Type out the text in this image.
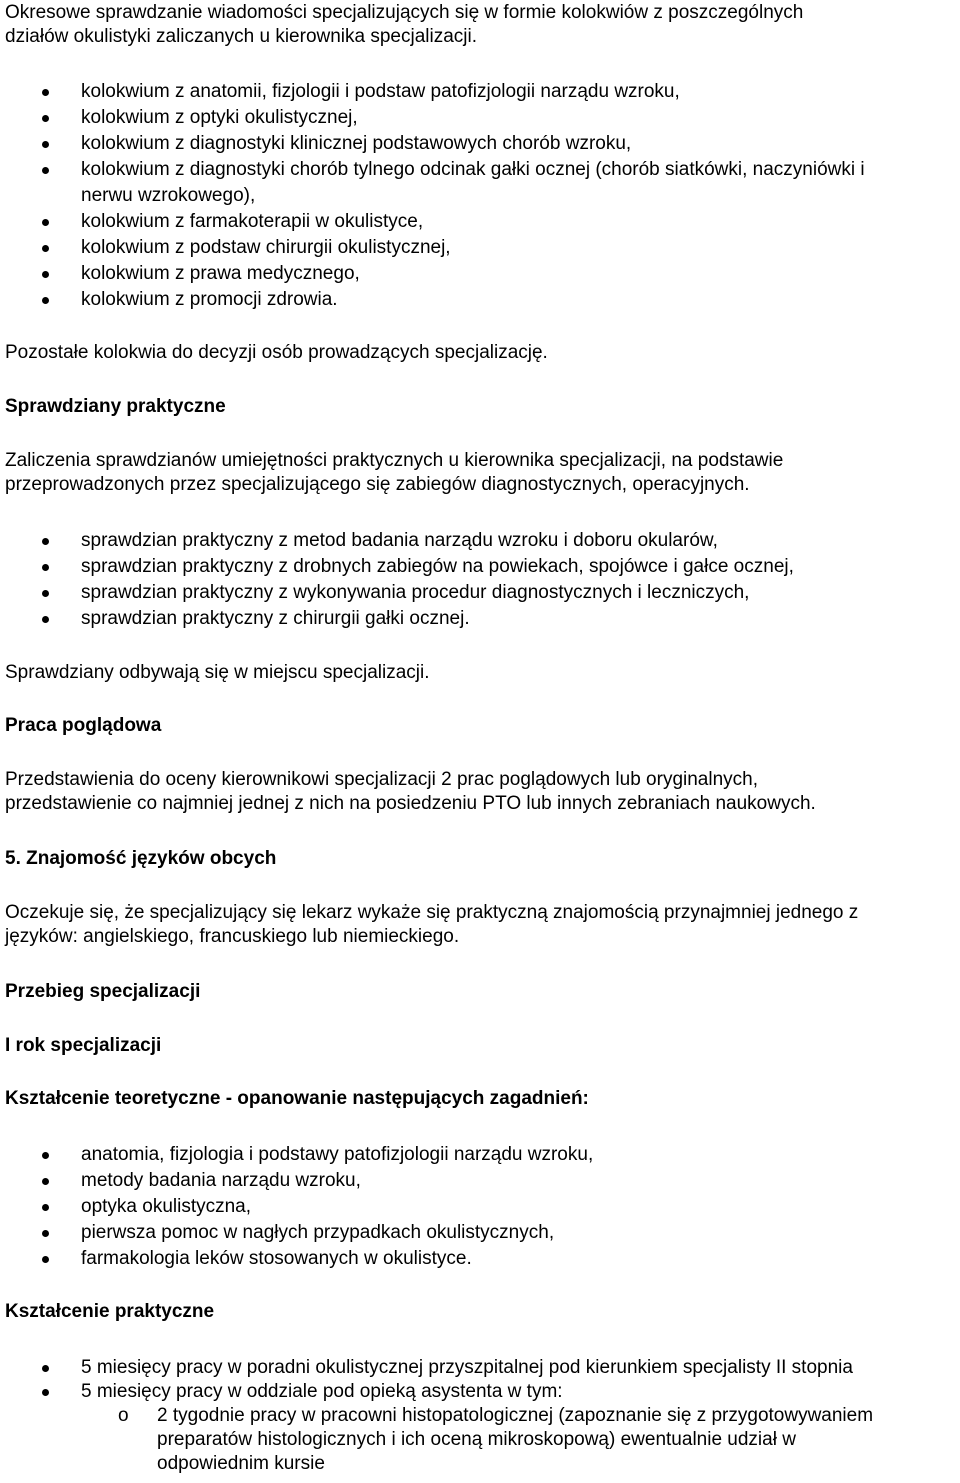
Okresowe sprawdzanie wiadomości specjalizujących się w formie kolokwiów z poszczególnych

działów okulistyki zaliczanych u kierownika specjalizacji.

kolokwium z anatomii, fizjologii i podstaw patofizjologii narządu wzroku,
kolokwium z optyki okulistycznej,
kolokwium z diagnostyki klinicznej podstawowych chorób wzroku,
kolokwium z diagnostyki chorób tylnego odcinak gałki ocznej (chorób siatkówki, naczyniówki i
nerwu wzrokowego),
kolokwium z farmakoterapii w okulistyce,
kolokwium z podstaw chirurgii okulistycznej,
kolokwium z prawa medycznego,
kolokwium z promocji zdrowia.

Pozostałe kolokwia do decyzji osób prowadzących specjalizację.

Sprawdziany praktyczne

Zaliczenia sprawdzianów umiejętności praktycznych u kierownika specjalizacji, na podstawie

przeprowadzonych przez specjalizującego się zabiegów diagnostycznych, operacyjnych.

sprawdzian praktyczny z metod badania narządu wzroku i doboru okularów,
sprawdzian praktyczny z drobnych zabiegów na powiekach, spojówce i gałce ocznej,
sprawdzian praktyczny z wykonywania procedur diagnostycznych i leczniczych,
sprawdzian praktyczny z chirurgii gałki ocznej.

Sprawdziany odbywają się w miejscu specjalizacji.

Praca poglądowa

Przedstawienia do oceny kierownikowi specjalizacji 2 prac poglądowych lub oryginalnych,

przedstawienie co najmniej jednej z nich na posiedzeniu PTO lub innych zebraniach naukowych.

5. Znajomość języków obcych

Oczekuje się, że specjalizujący się lekarz wykaże się praktyczną znajomością przynajmniej jednego z

języków: angielskiego, francuskiego lub niemieckiego.

Przebieg specjalizacji

I rok specjalizacji

Kształcenie teoretyczne - opanowanie następujących zagadnień:

anatomia, fizjologia i podstawy patofizjologii narządu wzroku,
metody badania narządu wzroku,
optyka okulistyczna,
pierwsza pomoc w nagłych przypadkach okulistycznych,
farmakologia leków stosowanych w okulistyce.

Kształcenie praktyczne

5 miesięcy pracy w poradni okulistycznej przyszpitalnej pod kierunkiem specjalisty II stopnia
5 miesięcy pracy w oddziale pod opieką asystenta w tym:
o 2 tygodnie pracy w pracowni histopatologicznej (zapoznanie się z przygotowywaniem
preparatów histologicznych i ich oceną mikroskopową) ewentualnie udział w
odpowiednim kursie
